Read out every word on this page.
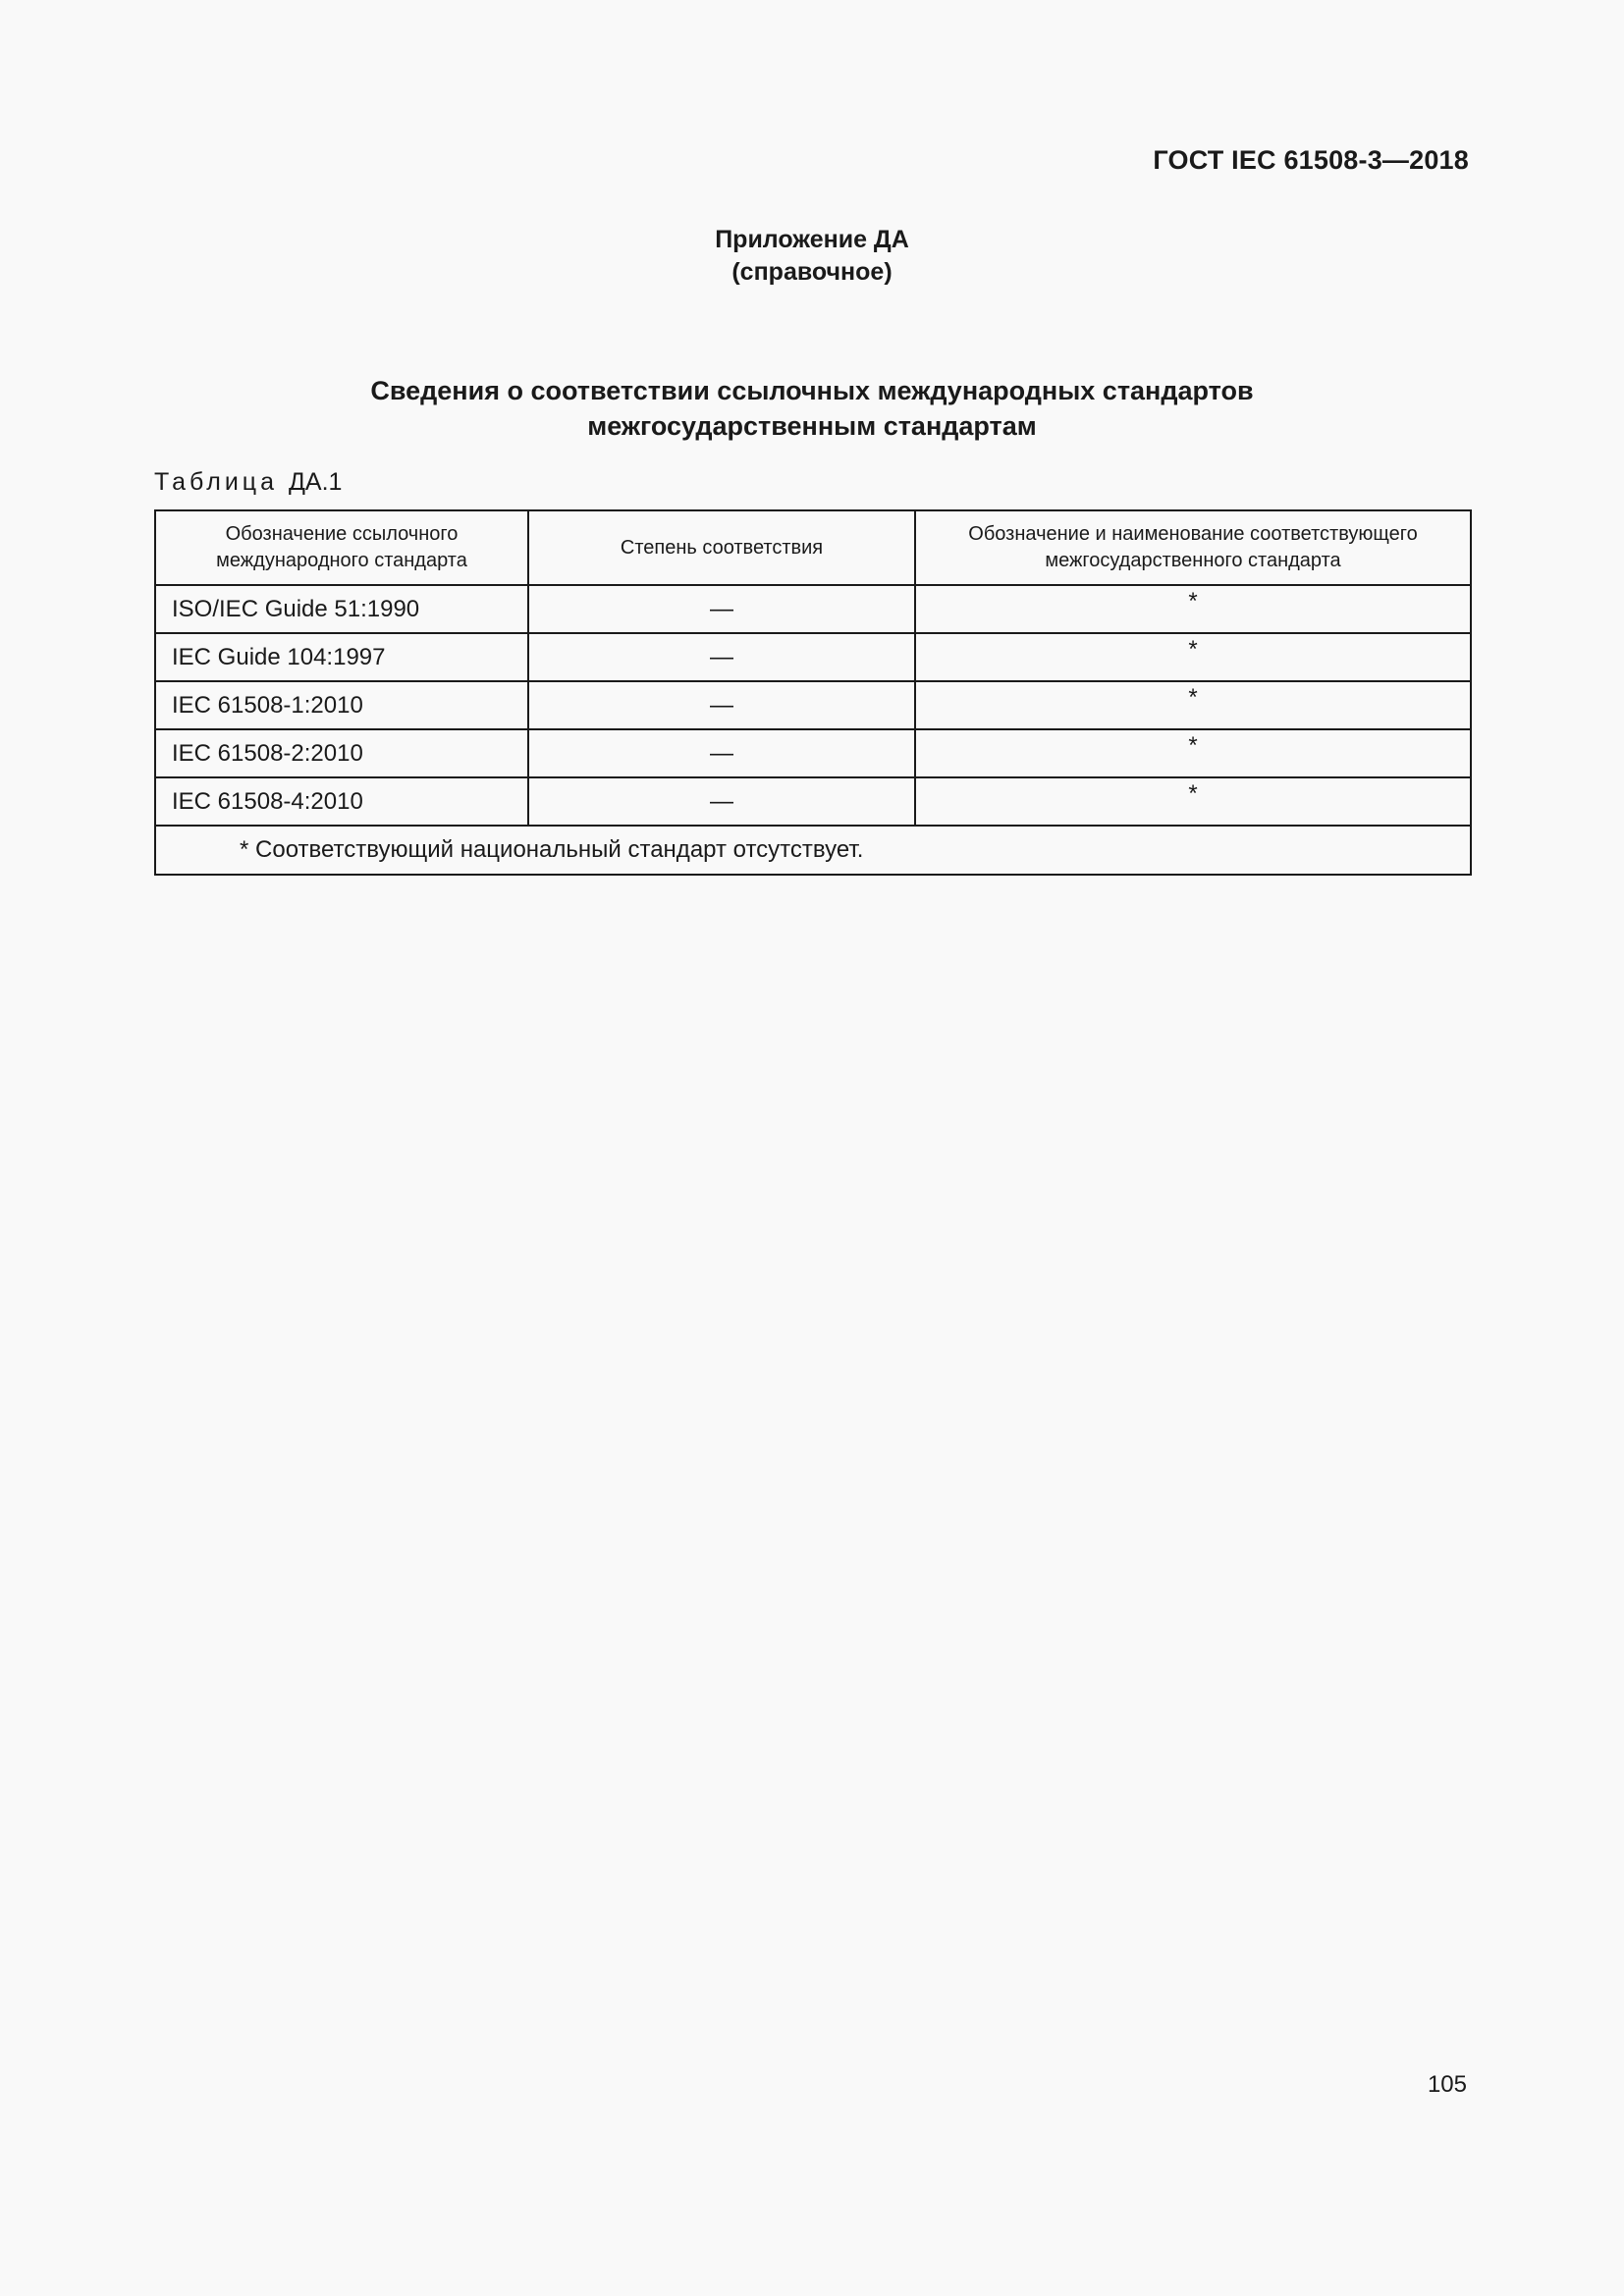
ГОСТ IEC 61508-3—2018
Приложение ДА
(справочное)
Сведения о соответствии ссылочных международных стандартов
межгосударственным стандартам
Таблица ДА.1
Обозначение ссылочного
международного стандарта	Степень соответствия	Обозначение и наименование соответствующего
межгосударственного стандарта

ISO/IEC Guide 51:1990	—	*
IEC Guide 104:1997	—	*
IEC 61508-1:2010	—	*
IEC 61508-2:2010	—	*
IEC 61508-4:2010	—	*
* Соответствующий национальный стандарт отсутствует.		
105
